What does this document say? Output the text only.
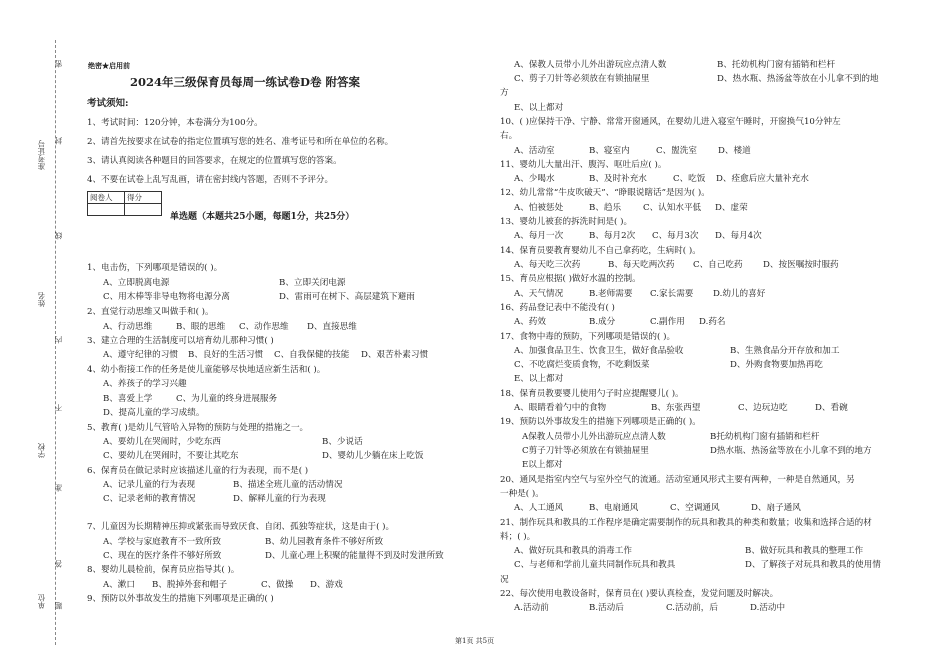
准考证号
姓名
学校
单位
密
封
线
内
不
准
答
题
绝密★启用前
2024年三级保育员每周一练试卷D卷 附答案
考试须知:
1、考试时间：120分钟，本卷满分为100分。
2、请首先按要求在试卷的指定位置填写您的姓名、准考证号和所在单位的名称。
3、请认真阅读各种题目的回答要求，在规定的位置填写您的答案。
4、不要在试卷上乱写乱画，请在密封线内答题，否则不予评分。
阅卷人	得分

单选题（本题共25小题，每题1分，共25分）
1、电击伤，下列哪项是错误的( )。
A、立即脱离电源	B、立即关闭电源
C、用木棒等非导电物将电源分离	D、雷雨可在树下、高层建筑下避雨
2、直觉行动思维又叫做手和( )。
A、行动思维	B、眼的思维 C、动作思维 D、直接思维
3、建立合理的生活制度可以培育幼儿那种习惯( )
A、遵守纪律的习惯 B、良好的生活习惯 C、自我保健的技能 D、艰苦朴素习惯
4、幼小衔接工作的任务是使儿童能够尽快地适应新生活和( )。
A、养孩子的学习兴趣
B、喜爱上学	C、为儿童的终身进展服务
D、提高儿童的学习成绩。
5、教育( )是幼儿气管哈入异物的预防与处理的措施之一。
A、要幼儿在哭闹时，少吃东西	B、少说话
C、要幼儿在哭闹时，不要让其吃东	D、婴幼儿少躺在床上吃饭
6、保育员在做记录时应该描述儿童的行为表现，而不是( )
A、记录儿童的行为表现	B、描述全班儿童的活动情况
C、记录老师的教育情况	D、解释儿童的行为表现
7、儿童因为长期精神压抑或紧张而导致厌食、自闭、孤独等症状，这是由于( )。
A、学校与家庭教育不一致所致	B、幼儿园教育条件不够好所致
C、现在的医疗条件不够好所致	D、儿童心理上积聚的能量得不到及时发泄所致
8、婴幼儿晨检前，保育员应指导其( )。
A、漱口 B、脱掉外套和帽子	C、做操 D、游戏
9、预防以外事故发生的措施下列哪项是正确的( )
A、保教人员带小儿外出游玩应点清人数	B、托幼机构门窗有插销和栏杆
C、剪子刀针等必须放在有锁抽屉里	D、热水瓶、热汤盆等放在小儿拿不到的地
方
E、以上都对
10、( )应保持干净、宁静、常常开窗通风，在婴幼儿进入寝室午睡时，开窗换气10分钟左
右。
A、活动室	B、寝室内	C、盥洗室 D、楼道
11、婴幼儿大量出汗、腹泻、呕吐后应( )。
A、少喝水	B、及时补充水	C、吃饭 D、痊愈后应大量补充水
12、幼儿常常“牛皮吹破天”、“睁眼说瞎话”是因为( )。
A、怕被惩处	B、趋乐	C、认知水平低 D、虚荣
13、婴幼儿被套的拆洗时间是( )。
A、每月一次	B、每月2次 C、每月3次 D、每月4次
14、保育员要教育婴幼儿不自己拿药吃，生病时( )。
A、每天吃三次药	B、每天吃两次药 C、自己吃药 D、按医嘱按时服药
15、育员应根据( )做好水温的控制。
A、天气情况	B.老师需要 C.家长需要 D.幼儿的喜好
16、药品登记表中不能没有( )
A、药效	B.成分	C.副作用 D.药名
17、食物中毒的预防，下列哪项是错误的( )。
A、加强食品卫生、饮食卫生，做好食品验收	B、生熟食品分开存放和加工
C、不吃腐烂变质食物，不吃剩饭菜	D、外购食物要加热再吃
E、以上都对
18、保育员教要婴儿使用勺子时应提醒婴儿( )。
A、眼睛看着勺中的食物	B、东张西望	C、边玩边吃	D、看碗
19、预防以外事故发生的措施下列哪项是正确的( )。
A保教人员带小儿外出游玩应点清人数	B托幼机构门窗有插销和栏杆
C剪子刀针等必须放在有锁抽屉里	D热水瓶、热汤盆等放在小儿拿不到的地方
E以上都对
20、通风是指室内空气与室外空气的流通。活动室通风形式主要有两种，一种是自然通风，另
一种是( )。
A、人工通风	B、电扇通风	C、空调通风	D、扇子通风
21、制作玩具和教具的工作程序是确定需要制作的玩具和教具的种类和数量；收集和选择合适的材
料；( )。
A、做好玩具和教具的消毒工作	B、做好玩具和教具的整理工作
C、与老师和学前儿童共同制作玩具和教具	D、了解孩子对玩具和教具的使用情
况
22、每次使用电教设备时，保育员在( )要认真检查，发觉问题及时解决。
A.活动前	B.活动后	C.活动前，后	D.活动中
第1页 共5页
